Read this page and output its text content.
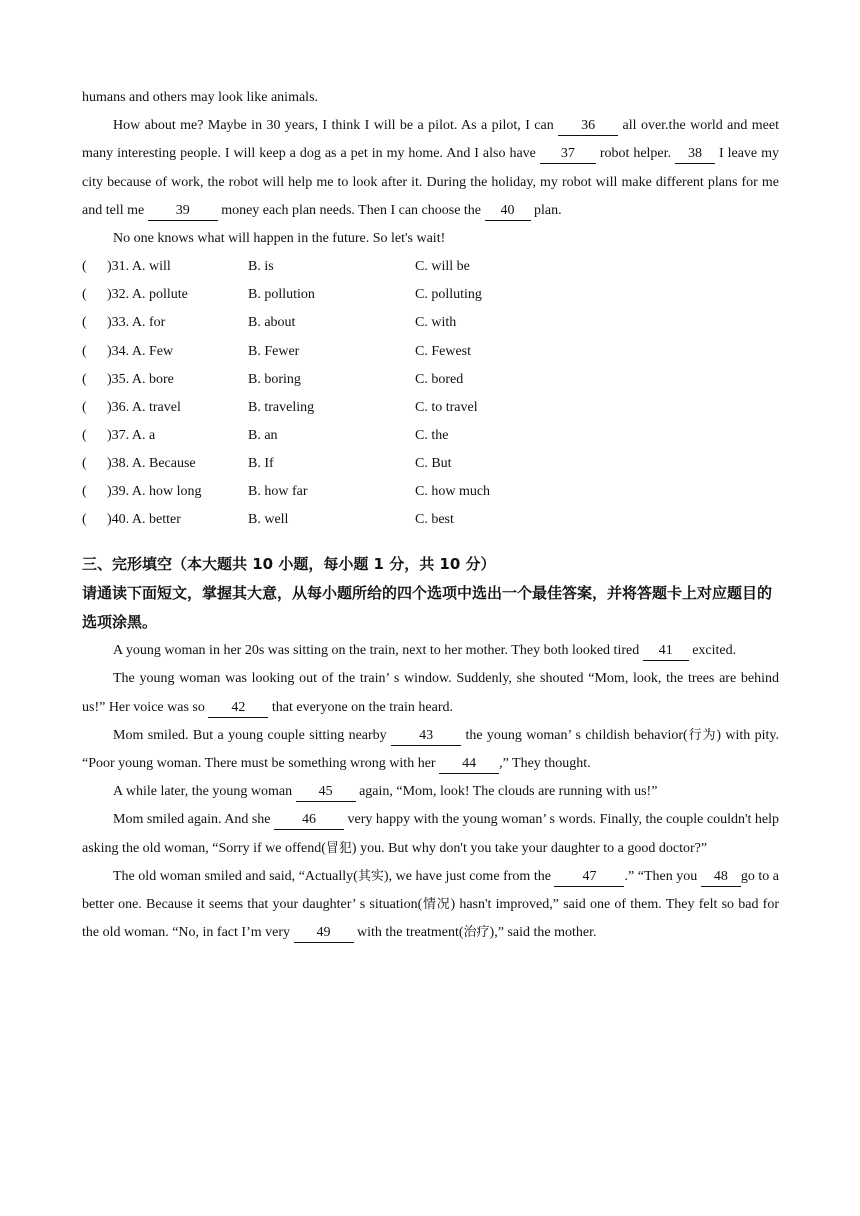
humans and others may look like animals.

How about me? Maybe in 30 years, I think I will be a pilot. As a pilot, I can 36 all over.the world and meet many interesting people. I will keep a dog as a pet in my home. And I also have 37 robot helper. 38 I leave my city because of work, the robot will help me to look after it. During the holiday, my robot will make different plans for me and tell me 39 money each plan needs. Then I can choose the 40 plan.

No one knows what will happen in the future. So let's wait!

( )31. A. will	B. is	C. will be
( )32. A. pollute	B. pollution	C. polluting
( )33. A. for	B. about	C. with
( )34. A. Few	B. Fewer	C. Fewest
( )35. A. bore	B. boring	C. bored
( )36. A. travel	B. traveling	C. to travel
( )37. A. a	B. an	C. the
( )38. A. Because	B. If	C. But
( )39. A. how long	B. how far	C. how much
( )40. A. better	B. well	C. best
三、完形填空（本大题共 10 小题，每小题 1 分，共 10 分）
请通读下面短文，掌握其大意，从每小题所给的四个选项中选出一个最佳答案，并将答题卡上对应题目的选项涂黑。

A young woman in her 20s was sitting on the train, next to her mother. They both looked tired 41 excited.

The young woman was looking out of the train’ s window. Suddenly, she shouted “Mom, look, the trees are behind us!” Her voice was so 42 that everyone on the train heard.

Mom smiled. But a young couple sitting nearby 43 the young woman’ s childish behavior(行为) with pity. “Poor young woman. There must be something wrong with her 44 ,” They thought.

A while later, the young woman 45 again, “Mom, look! The clouds are running with us!”

Mom smiled again. And she 46 very happy with the young woman’ s words. Finally, the couple couldn't help asking the old woman, “Sorry if we offend(冒犯) you. But why don't you take your daughter to a good doctor?”

The old woman smiled and said, “Actually(其实), we have just come from the 47 .” “Then you 48 go to a better one. Because it seems that your daughter’ s situation(情况) hasn't improved,” said one of them. They felt so bad for the old woman. “No, in fact I’m very 49 with the treatment(治疗),” said the mother.
